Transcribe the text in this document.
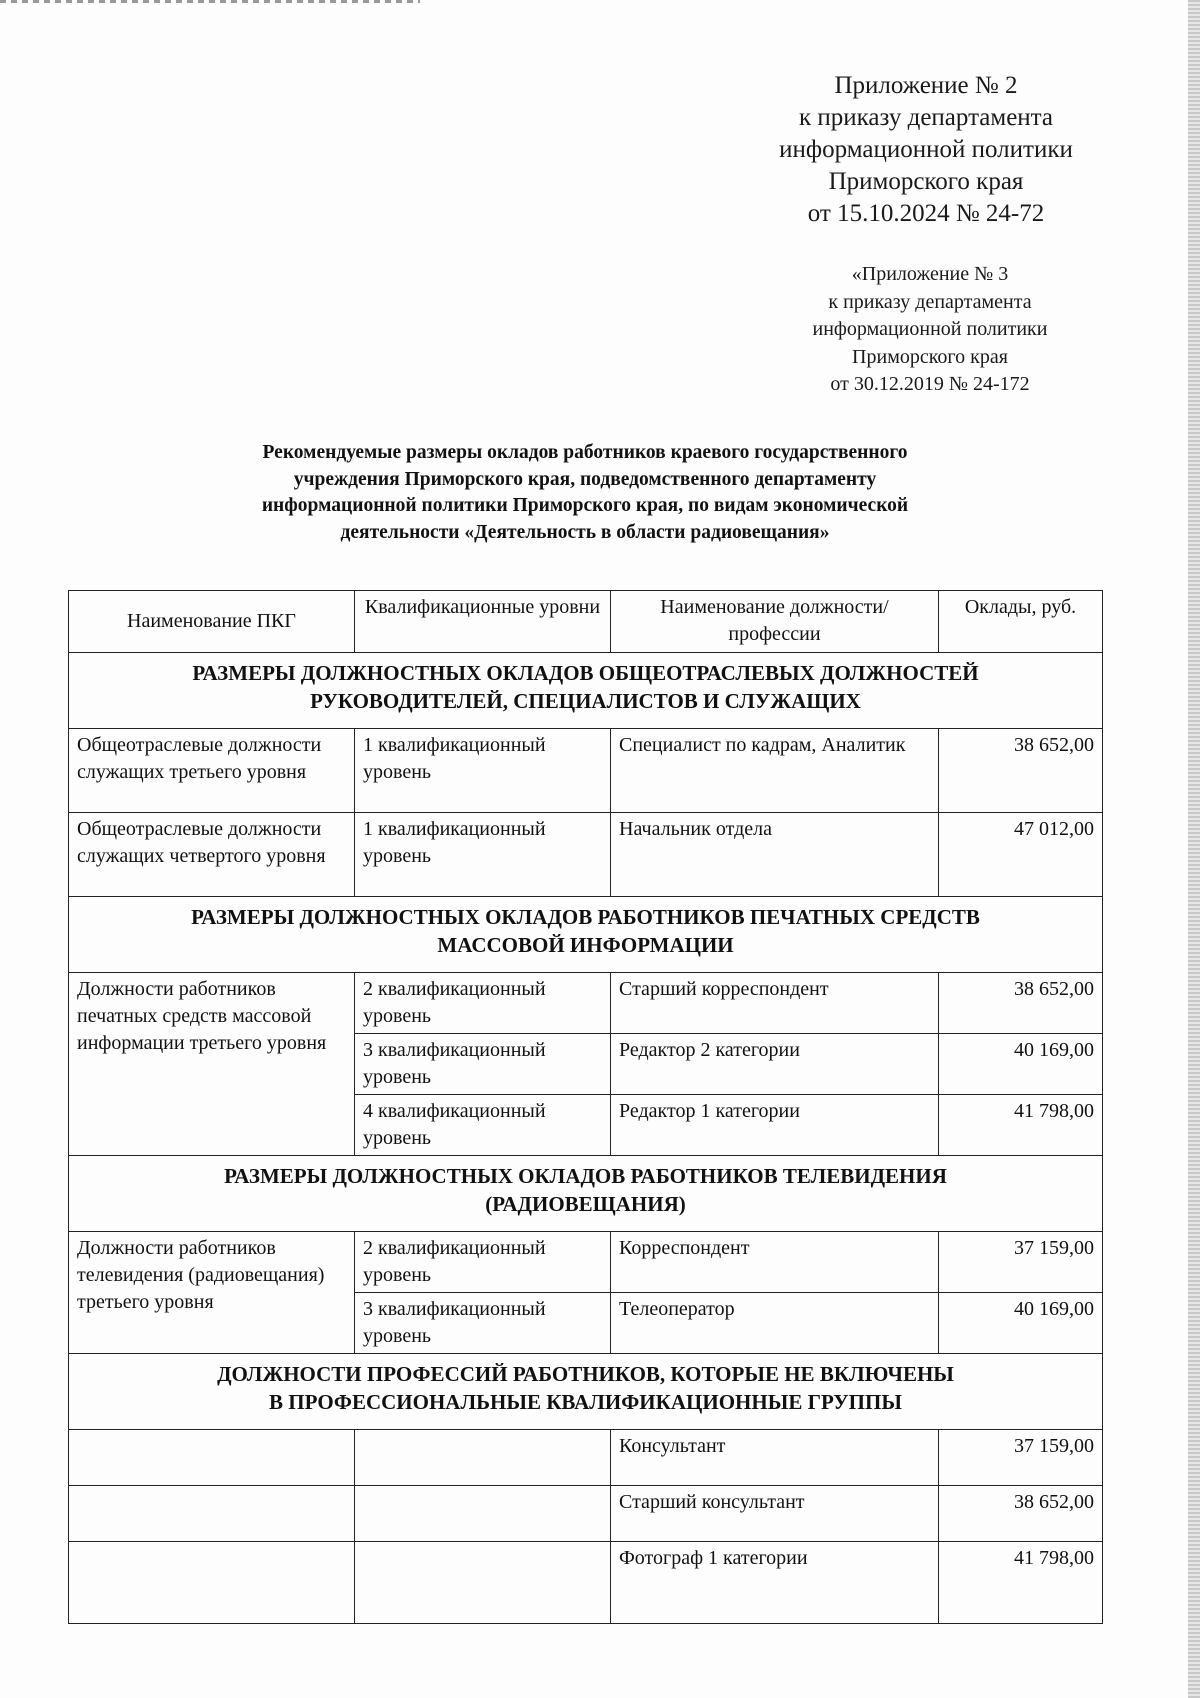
Приложение № 2
к приказу департамента
информационной политики
Приморского края
от 15.10.2024 № 24-72
«Приложение № 3
к приказу департамента
информационной политики
Приморского края
от 30.12.2019 № 24-172
Рекомендуемые размеры окладов работников краевого государственного
учреждения Приморского края, подведомственного департаменту
информационной политики Приморского края, по видам экономической
деятельности «Деятельность в области радиовещания»
Наименование ПКГ	Квалификационные уровни	Наименование должности/профессии	Оклады, руб.

РАЗМЕРЫ ДОЛЖНОСТНЫХ ОКЛАДОВ ОБЩЕОТРАСЛЕВЫХ ДОЛЖНОСТЕЙ
РУКОВОДИТЕЛЕЙ, СПЕЦИАЛИСТОВ И СЛУЖАЩИХ			

Общеотраслевые должности служащих третьего уровня	1 квалификационный уровень	Специалист по кадрам, Аналитик	38 652,00
Общеотраслевые должности служащих четвертого уровня	1 квалификационный уровень	Начальник отдела	47 012,00

РАЗМЕРЫ ДОЛЖНОСТНЫХ ОКЛАДОВ РАБОТНИКОВ ПЕЧАТНЫХ СРЕДСТВ
МАССОВОЙ ИНФОРМАЦИИ			

Должности работников печатных средств массовой информации третьего уровня	2 квалификационный уровень	Старший корреспондент	38 652,00
	3 квалификационный уровень	Редактор 2 категории	40 169,00
	4 квалификационный уровень	Редактор 1 категории	41 798,00

РАЗМЕРЫ ДОЛЖНОСТНЫХ ОКЛАДОВ РАБОТНИКОВ ТЕЛЕВИДЕНИЯ
(РАДИОВЕЩАНИЯ)			

Должности работников телевидения (радиовещания) третьего уровня	2 квалификационный уровень	Корреспондент	37 159,00
	3 квалификационный уровень	Телеоператор	40 169,00

ДОЛЖНОСТИ ПРОФЕССИЙ РАБОТНИКОВ, КОТОРЫЕ НЕ ВКЛЮЧЕНЫ
В ПРОФЕССИОНАЛЬНЫЕ КВАЛИФИКАЦИОННЫЕ ГРУППЫ			

		Консультант	37 159,00
		Старший консультант	38 652,00
		Фотограф 1 категории	41 798,00
